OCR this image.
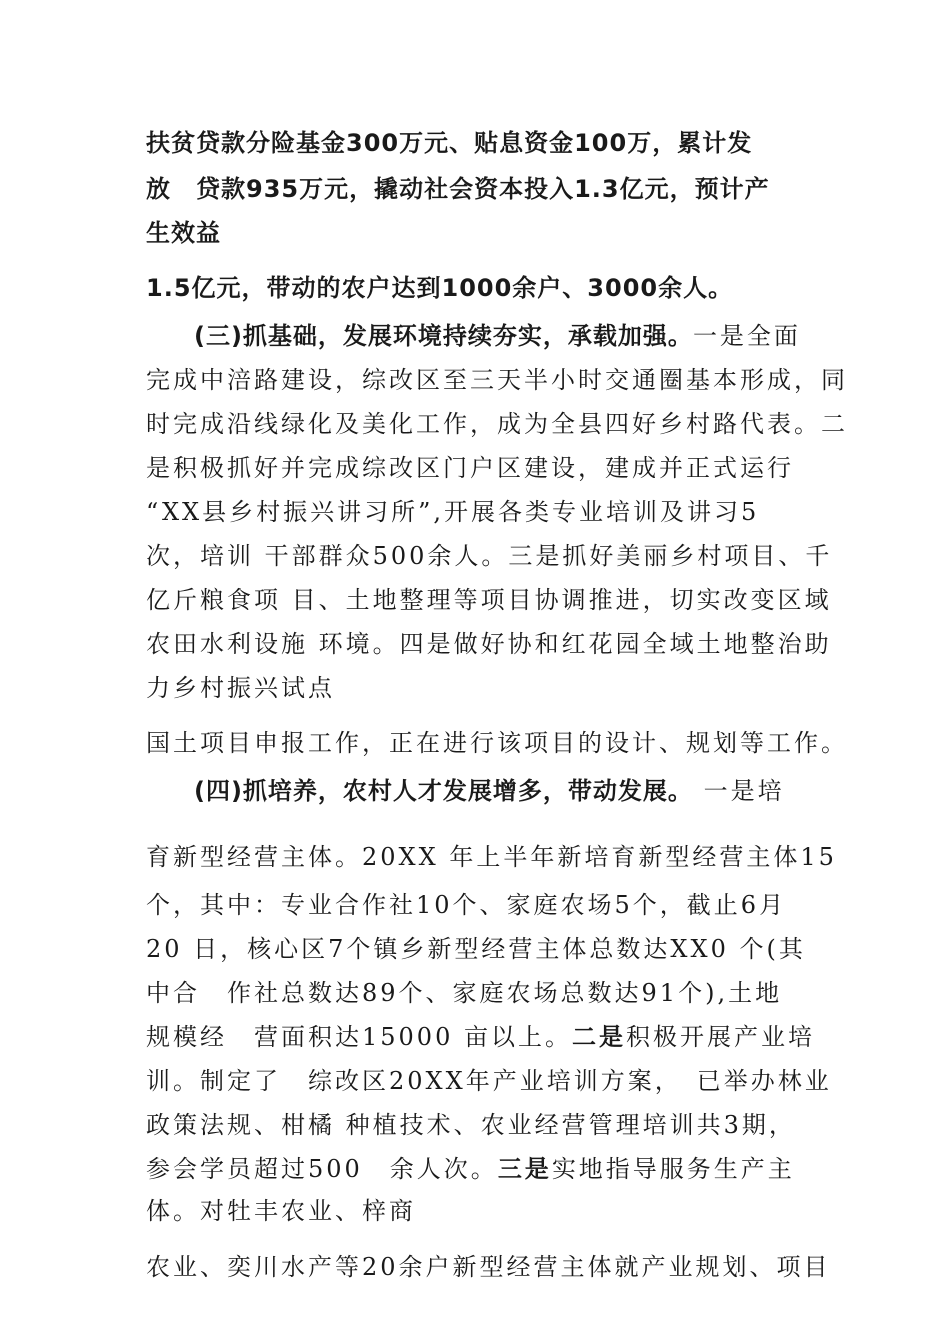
扶贫贷款分险基金300万元、贴息资金100万，累计发
放　贷款935万元，撬动社会资本投入1.3亿元，预计产
生效益
1.5亿元，带动的农户达到1000余户、3000余人。
(三)抓基础，发展环境持续夯实，承载加强。一是全面
完成中涪路建设，综改区至三天半小时交通圈基本形成，同
时完成沿线绿化及美化工作，成为全县四好乡村路代表。二
是积极抓好并完成综改区门户区建设，建成并正式运行
“XX县乡村振兴讲习所”,开展各类专业培训及讲习5
次，培训 干部群众500余人。三是抓好美丽乡村项目、千
亿斤粮食项 目、土地整理等项目协调推进，切实改变区域
农田水利设施 环境。四是做好协和红花园全域土地整治助
力乡村振兴试点
国土项目申报工作，正在进行该项目的设计、规划等工作。
(四)抓培养，农村人才发展增多，带动发展。 一是培
育新型经营主体。20XX 年上半年新培育新型经营主体15
个，其中：专业合作社10个、家庭农场5个，截止6月
20 日，核心区7个镇乡新型经营主体总数达XX0 个(其
中合　作社总数达89个、家庭农场总数达91个),土地
规模经　营面积达15000 亩以上。二是积极开展产业培
训。制定了　综改区20XX年产业培训方案，　已举办林业
政策法规、柑橘 种植技术、农业经营管理培训共3期，
参会学员超过500　余人次。三是实地指导服务生产主
体。对牡丰农业、梓商
农业、奕川水产等20余户新型经营主体就产业规划、项目
